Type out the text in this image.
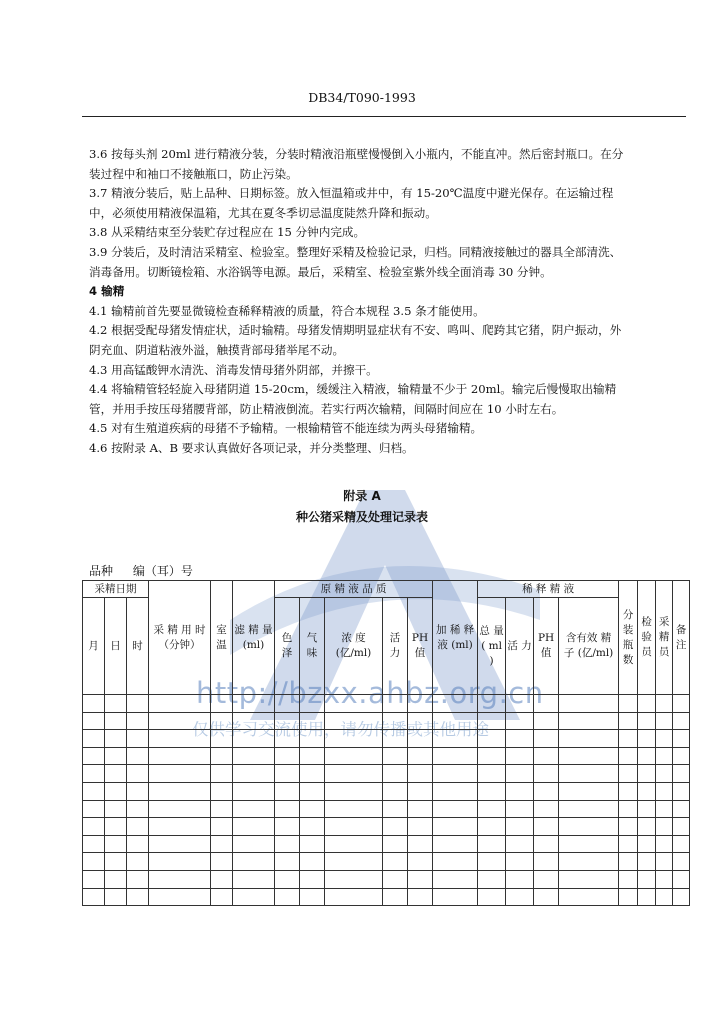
http://bzxx.ahbz.org.cn
仅供学习交流使用，请勿传播或其他用途
DB34/T090-1993

3.6 按每头剂 20ml 进行精液分装，分装时精液沿瓶壁慢慢倒入小瓶内，不能直冲。然后密封瓶口。在分装过程中和袖口不接触瓶口，防止污染。

3.7 精液分装后，贴上品种、日期标签。放入恒温箱或井中，有 15-20℃温度中避光保存。在运输过程中，必须使用精液保温箱，尤其在夏冬季切忌温度陡然升降和振动。

3.8 从采精结束至分装贮存过程应在 15 分钟内完成。

3.9 分装后，及时清洁采精室、检验室。整理好采精及检验记录，归档。同精液接触过的器具全部清洗、消毒备用。切断镜检箱、水浴锅等电源。最后，采精室、检验室紫外线全面消毒 30 分钟。

4 输精

4.1 输精前首先要显微镜检查稀释精液的质量，符合本规程 3.5 条才能使用。

4.2 根据受配母猪发情症状，适时输精。母猪发情期明显症状有不安、鸣叫、爬跨其它猪，阴户振动，外阴充血、阴道粘液外溢，触摸背部母猪举尾不动。

4.3 用高锰酸钾水清洗、消毒发情母猪外阴部，并擦干。

4.4 将输精管轻轻旋入母猪阴道 15-20cm，缓缓注入精液，输精量不少于 20ml。输完后慢慢取出输精管，并用手按压母猪腰背部，防止精液倒流。若实行两次输精，间隔时间应在 10 小时左右。

4.5 对有生殖道疾病的母猪不予输精。一根输精管不能连续为两头母猪输精。

4.6 按附录 A、B 要求认真做好各项记录，并分类整理、归档。

附录 A
种公猪采精及处理记录表
品种 编（耳）号
采精日期			采 精 用 时 （分钟）	室 温	滤 精 量 (ml)	原 精 液 品 质					加 稀 释 液 (ml)	稀 释 精 液				分 装 瓶 数	检 验 员	采 精 员	备 注
月	日	时				色 泽	气 味	浓 度 (亿/ml)	活 力	PH 值		总 量 ( ml )	活 力	PH 值	含有效 精 子 (亿/ml)				
